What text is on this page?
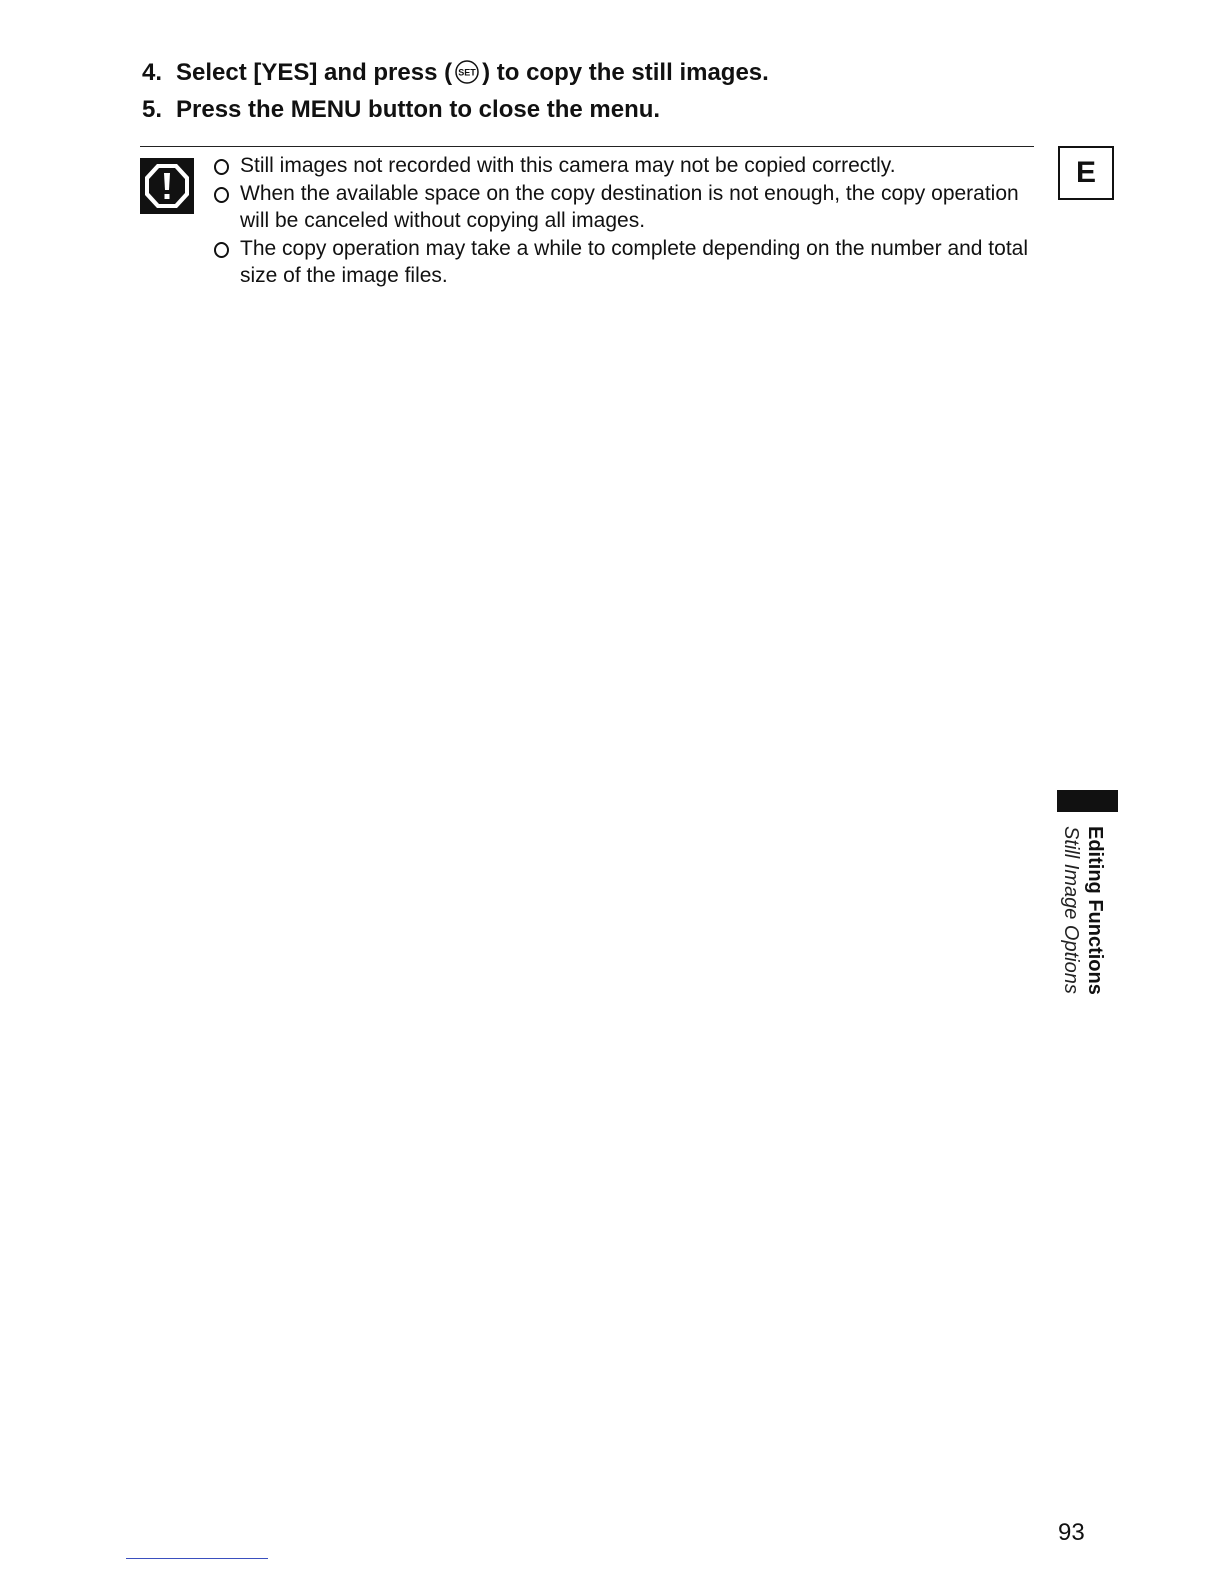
4. Select [YES] and press ( SET ) to copy the still images.
5. Press the MENU button to close the menu.
Still images not recorded with this camera may not be copied correctly.
When the available space on the copy destination is not enough, the copy operation will be canceled without copying all images.
The copy operation may take a while to complete depending on the number and total size of the image files.
E
Editing Functions
Still Image Options
93
